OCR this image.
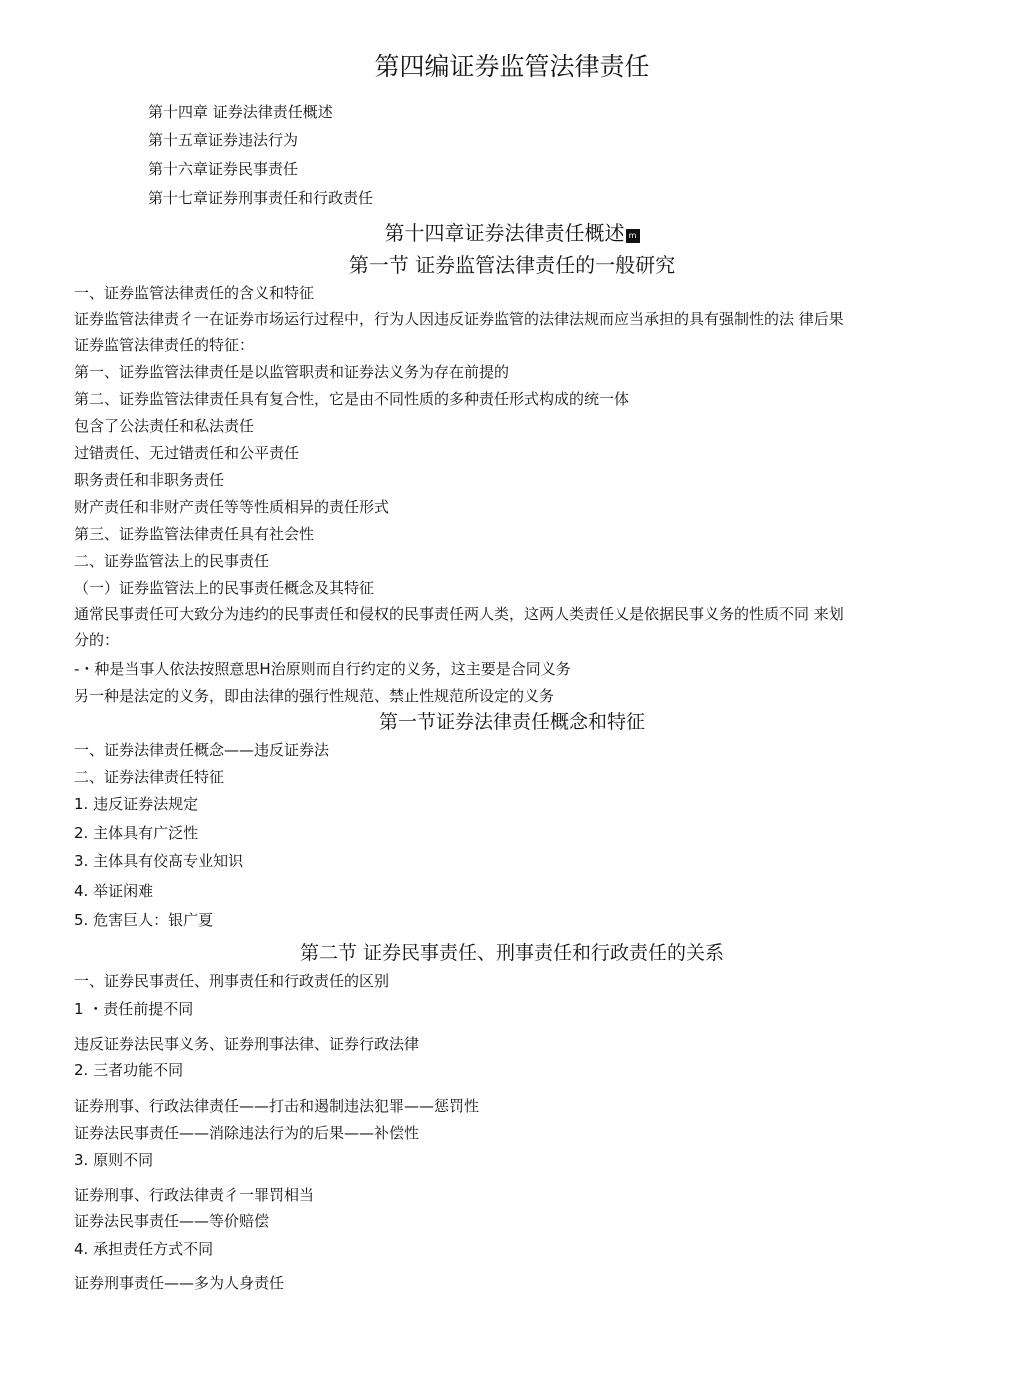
第四编证券监管法律责任
第十四章 证券法律责任概述
第十五章证券违法行为
第十六章证券民事责任
第十七章证券刑事责任和行政责任
第十四章证券法律责任概述 m
第一节 证券监管法律责任的一般研究
一、证券监管法律责任的含义和特征
证券监管法律责彳一在证券市场运行过程中，行为人因违反证券监管的法律法规而应当承担的具有强制性的法 律后果
证券监管法律责任的特征：
第一、证券监管法律责任是以监管职责和证券法义务为存在前提的
第二、证券监管法律责任具有复合性，它是由不同性质的多种责任形式构成的统一体
包含了公法责任和私法责任
过错责任、无过错责任和公平责任
职务责任和非职务责任
财产责任和非财产责任等等性质相异的责任形式
第三、证券监管法律责任具有社会性
二、证券监管法上的民事责任
（一）证券监管法上的民事责任概念及其特征
通常民事责任可大致分为违约的民事责任和侵权的民事责任两人类，这两人类责任乂是依据民事义务的性质不同 来划
分的：
-・种是当事人依法按照意思H治原则而自行约定的义务，这主要是合同义务
另一种是法定的义务，即由法律的强行性规范、禁止性规范所设定的义务
第一节证券法律责任概念和特征
一、证券法律责任概念——违反证券法
二、证券法律责任特征
1. 违反证券法规定
2. 主体具有广泛性
3. 主体具有佼髙专业知识
4. 举证闲难
5. 危害巨人：银广夏
第二节 证券民事责任、刑事责任和行政责任的关系
一、证券民事责任、刑事责任和行政责任的区别
1 ・责任前提不同
违反证券法民事义务、证券刑事法律、证券行政法律
2. 三者功能不同
证券刑事、行政法律责任——打击和遏制违法犯罪——惩罚性
证券法民事责任——消除违法行为的后果——补偿性
3. 原则不同
证券刑事、行政法律责彳一罪罚相当
证券法民事责任——等价赔偿
4. 承担责任方式不同
证券刑事责任——多为人身责任
